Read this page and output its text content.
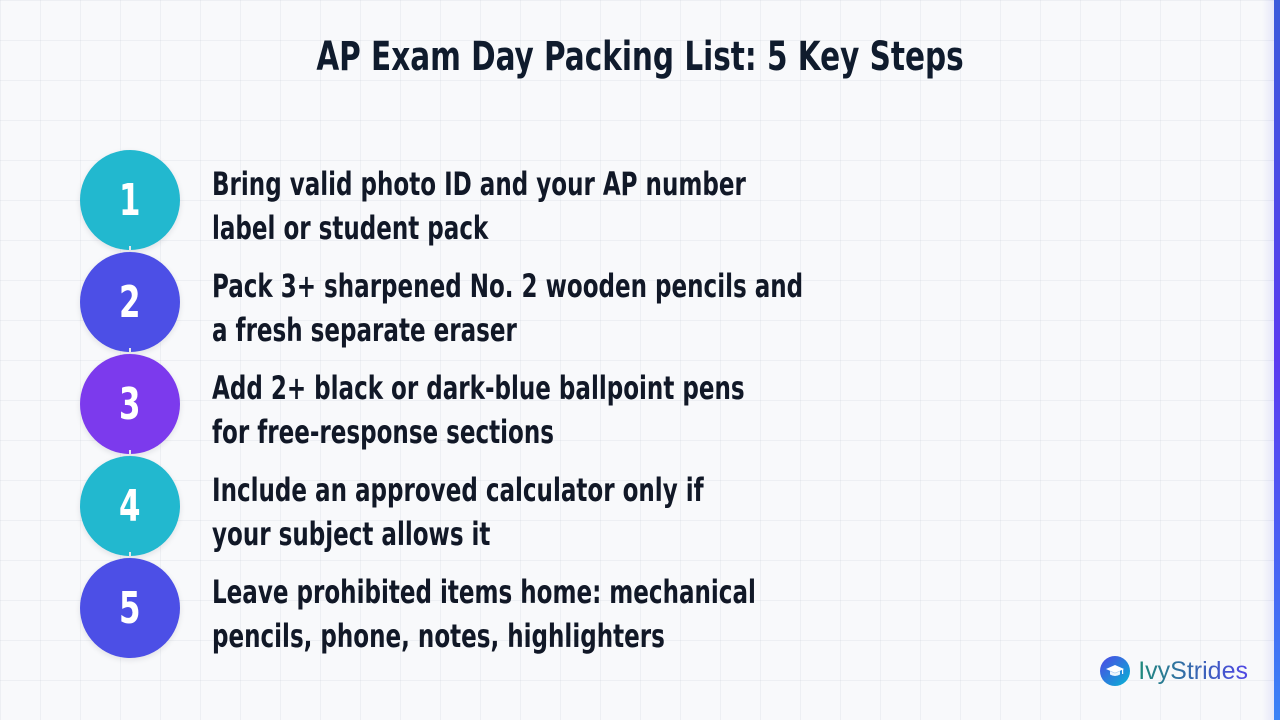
AP Exam Day Packing List: 5 Key Steps
1 Bring valid photo ID and your AP number
label or student pack
2 Pack 3+ sharpened No. 2 wooden pencils and
a fresh separate eraser
3 Add 2+ black or dark-blue ballpoint pens
for free-response sections
4 Include an approved calculator only if
your subject allows it
5 Leave prohibited items home: mechanical
pencils, phone, notes, highlighters
IvyStrides
